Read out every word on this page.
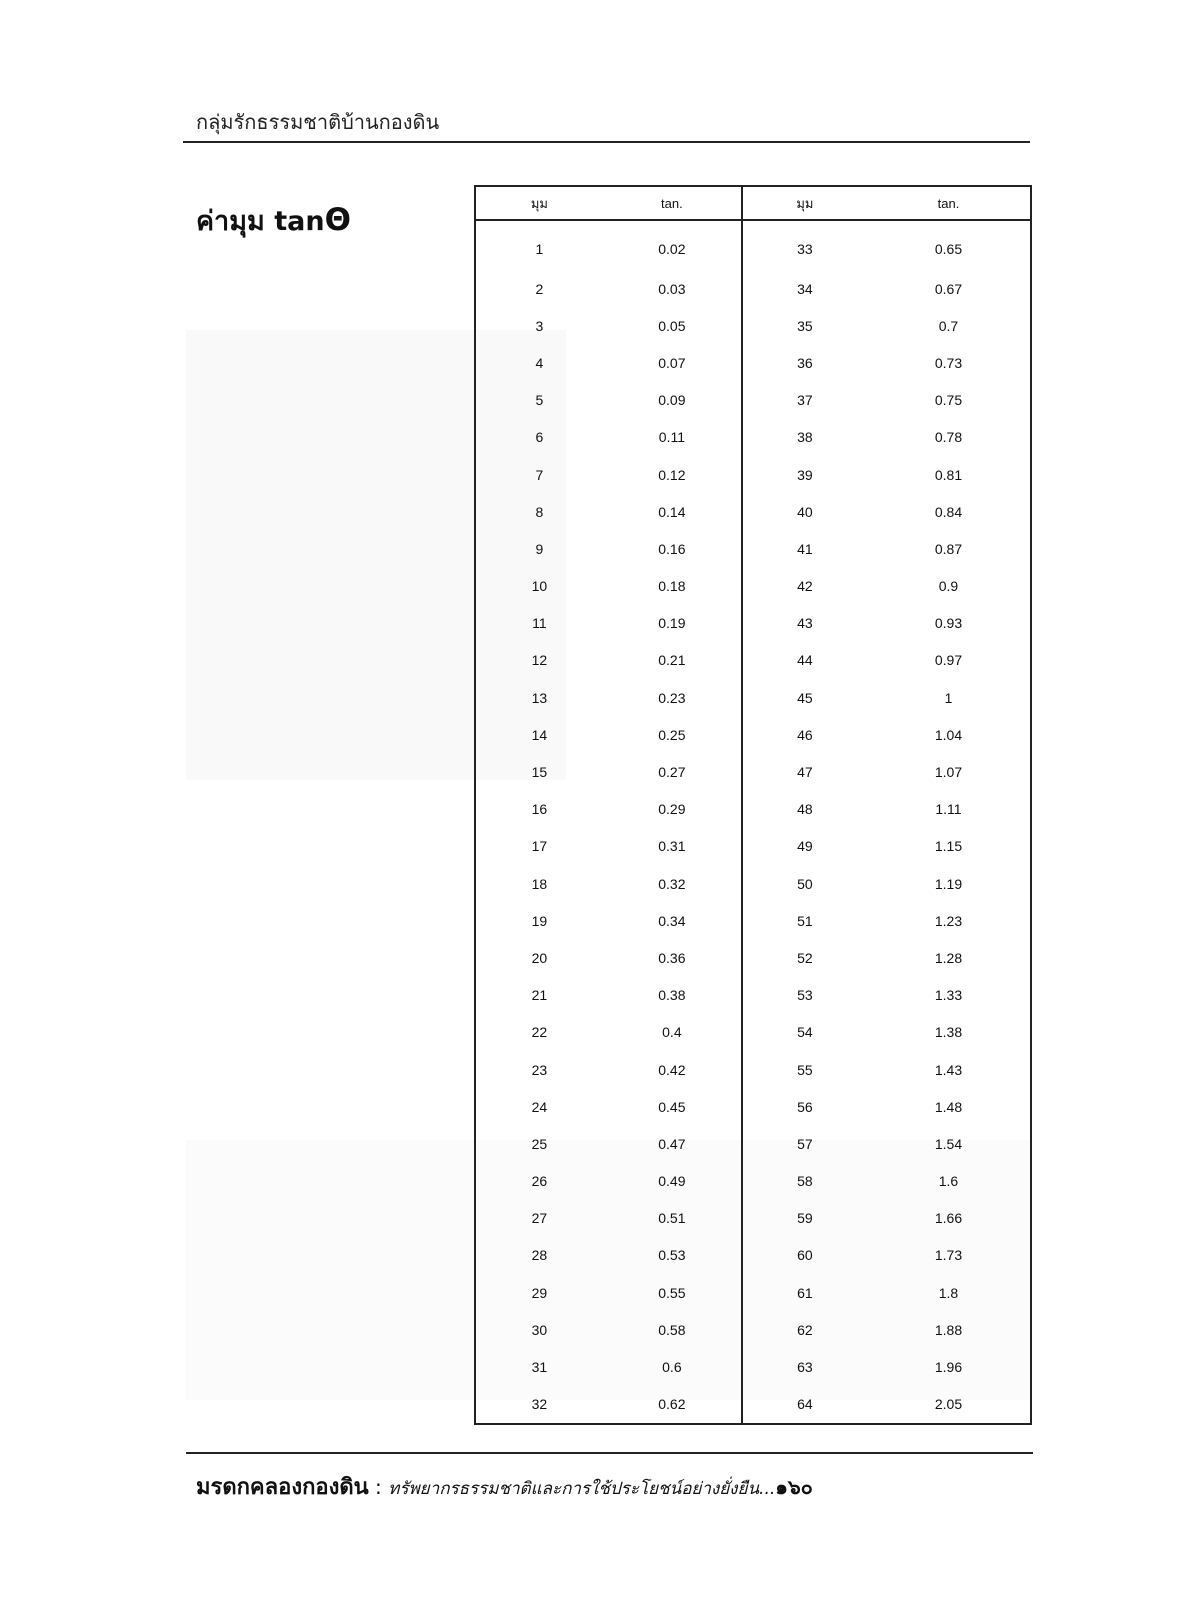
กลุ่มรักธรรมชาติบ้านกองดิน
ค่ามุม tanΘ	มุม	tan.	มุม	tan.
1	0.02	33	0.65
2	0.03	34	0.67
3	0.05	35	0.7
4	0.07	36	0.73
5	0.09	37	0.75
6	0.11	38	0.78
7	0.12	39	0.81
8	0.14	40	0.84
9	0.16	41	0.87
10	0.18	42	0.9
11	0.19	43	0.93
12	0.21	44	0.97
13	0.23	45	1
14	0.25	46	1.04
15	0.27	47	1.07
16	0.29	48	1.11
17	0.31	49	1.15
18	0.32	50	1.19
19	0.34	51	1.23
20	0.36	52	1.28
21	0.38	53	1.33
22	0.4	54	1.38
23	0.42	55	1.43
24	0.45	56	1.48
25	0.47	57	1.54
26	0.49	58	1.6
27	0.51	59	1.66
28	0.53	60	1.73
29	0.55	61	1.8
30	0.58	62	1.88
31	0.6	63	1.96
32	0.62	64	2.05
มรดกคลองกองดิน : ทรัพยากรธรรมชาติและการใช้ประโยชน์อย่างยั่งยืน...๑๖๐
